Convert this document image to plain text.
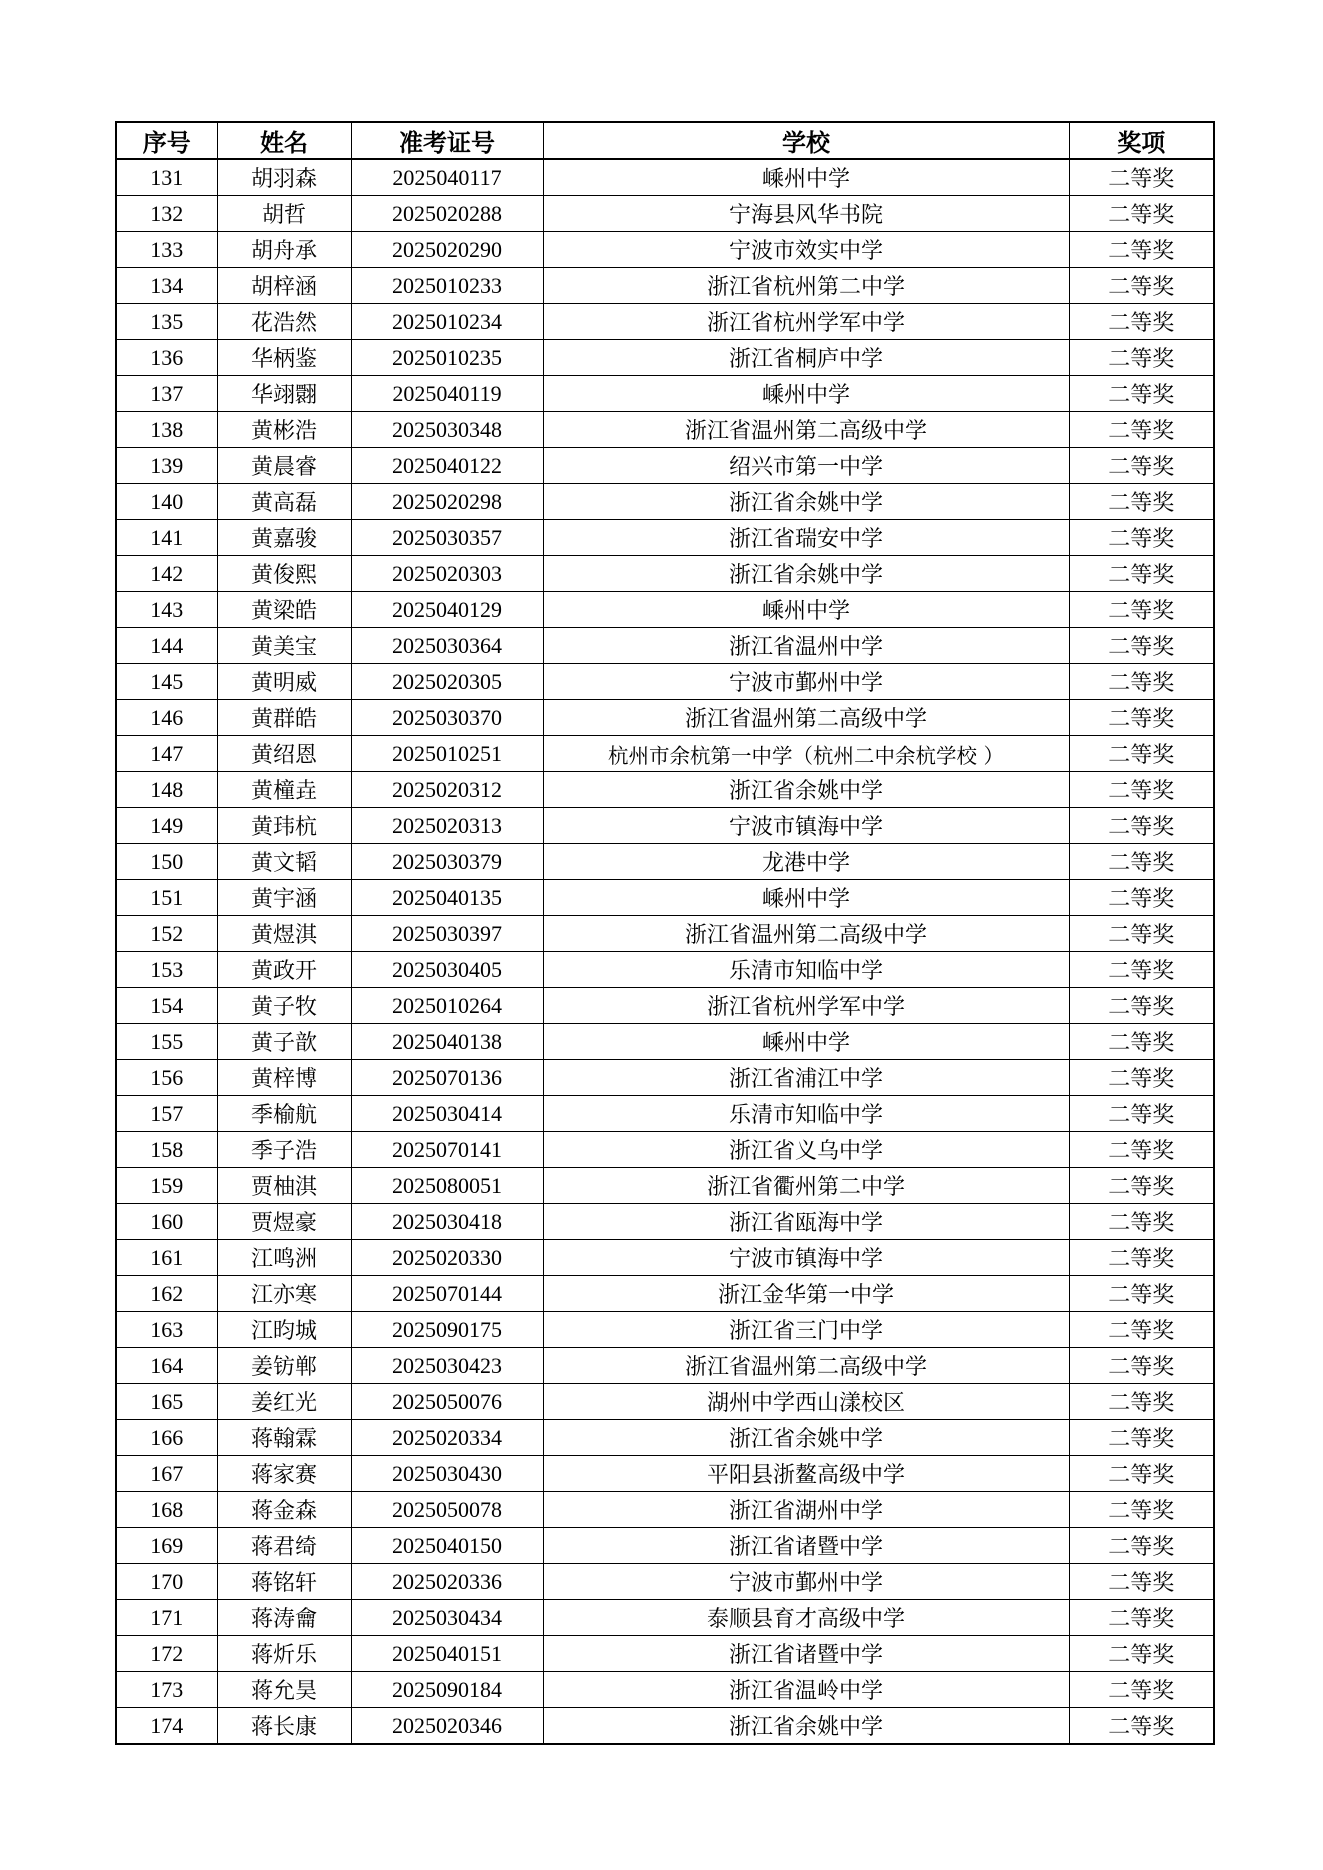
序号	姓名	准考证号	学校	奖项
131	胡羽森	2025040117	嵊州中学	二等奖
132	胡哲	2025020288	宁海县风华书院	二等奖
133	胡舟承	2025020290	宁波市效实中学	二等奖
134	胡梓涵	2025010233	浙江省杭州第二中学	二等奖
135	花浩然	2025010234	浙江省杭州学军中学	二等奖
136	华柄鉴	2025010235	浙江省桐庐中学	二等奖
137	华翊翾	2025040119	嵊州中学	二等奖
138	黄彬浩	2025030348	浙江省温州第二高级中学	二等奖
139	黄晨睿	2025040122	绍兴市第一中学	二等奖
140	黄高磊	2025020298	浙江省余姚中学	二等奖
141	黄嘉骏	2025030357	浙江省瑞安中学	二等奖
142	黄俊熙	2025020303	浙江省余姚中学	二等奖
143	黄梁皓	2025040129	嵊州中学	二等奖
144	黄美宝	2025030364	浙江省温州中学	二等奖
145	黄明威	2025020305	宁波市鄞州中学	二等奖
146	黄群皓	2025030370	浙江省温州第二高级中学	二等奖
147	黄绍恩	2025010251	杭州市余杭第一中学（杭州二中余杭学校 ）	二等奖
148	黄橦垚	2025020312	浙江省余姚中学	二等奖
149	黄玮杭	2025020313	宁波市镇海中学	二等奖
150	黄文韬	2025030379	龙港中学	二等奖
151	黄宇涵	2025040135	嵊州中学	二等奖
152	黄煜淇	2025030397	浙江省温州第二高级中学	二等奖
153	黄政开	2025030405	乐清市知临中学	二等奖
154	黄子牧	2025010264	浙江省杭州学军中学	二等奖
155	黄子歆	2025040138	嵊州中学	二等奖
156	黄梓博	2025070136	浙江省浦江中学	二等奖
157	季榆航	2025030414	乐清市知临中学	二等奖
158	季子浩	2025070141	浙江省义乌中学	二等奖
159	贾柚淇	2025080051	浙江省衢州第二中学	二等奖
160	贾煜豪	2025030418	浙江省瓯海中学	二等奖
161	江鸣洲	2025020330	宁波市镇海中学	二等奖
162	江亦寒	2025070144	浙江金华第一中学	二等奖
163	江昀城	2025090175	浙江省三门中学	二等奖
164	姜钫郸	2025030423	浙江省温州第二高级中学	二等奖
165	姜红光	2025050076	湖州中学西山漾校区	二等奖
166	蒋翰霖	2025020334	浙江省余姚中学	二等奖
167	蒋家赛	2025030430	平阳县浙鳌高级中学	二等奖
168	蒋金森	2025050078	浙江省湖州中学	二等奖
169	蒋君绮	2025040150	浙江省诸暨中学	二等奖
170	蒋铭轩	2025020336	宁波市鄞州中学	二等奖
171	蒋涛龠	2025030434	泰顺县育才高级中学	二等奖
172	蒋炘乐	2025040151	浙江省诸暨中学	二等奖
173	蒋允昊	2025090184	浙江省温岭中学	二等奖
174	蒋长康	2025020346	浙江省余姚中学	二等奖
